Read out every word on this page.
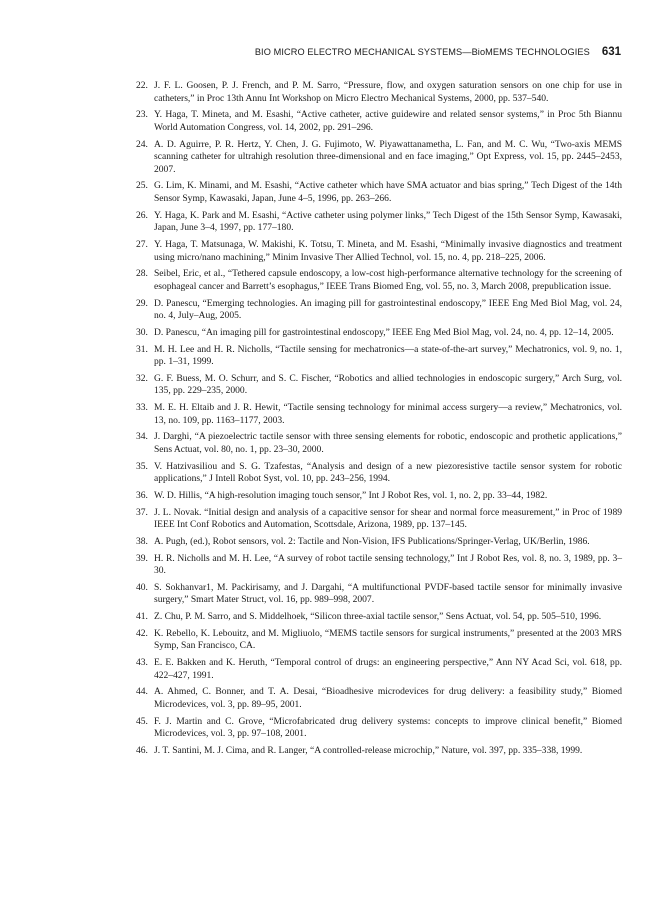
BIO MICRO ELECTRO MECHANICAL SYSTEMS—BioMEMS TECHNOLOGIES 631
22. J. F. L. Goosen, P. J. French, and P. M. Sarro, “Pressure, flow, and oxygen saturation sensors on one chip for use in catheters,” in Proc 13th Annu Int Workshop on Micro Electro Mechanical Systems, 2000, pp. 537–540.
23. Y. Haga, T. Mineta, and M. Esashi, “Active catheter, active guidewire and related sensor systems,” in Proc 5th Biannu World Automation Congress, vol. 14, 2002, pp. 291–296.
24. A. D. Aguirre, P. R. Hertz, Y. Chen, J. G. Fujimoto, W. Piyawattanametha, L. Fan, and M. C. Wu, “Two-axis MEMS scanning catheter for ultrahigh resolution three-dimensional and en face imaging,” Opt Express, vol. 15, pp. 2445–2453, 2007.
25. G. Lim, K. Minami, and M. Esashi, “Active catheter which have SMA actuator and bias spring,” Tech Digest of the 14th Sensor Symp, Kawasaki, Japan, June 4–5, 1996, pp. 263–266.
26. Y. Haga, K. Park and M. Esashi, “Active catheter using polymer links,” Tech Digest of the 15th Sensor Symp, Kawasaki, Japan, June 3–4, 1997, pp. 177–180.
27. Y. Haga, T. Matsunaga, W. Makishi, K. Totsu, T. Mineta, and M. Esashi, “Minimally invasive diagnostics and treatment using micro/nano machining,” Minim Invasive Ther Allied Technol, vol. 15, no. 4, pp. 218–225, 2006.
28. Seibel, Eric, et al., “Tethered capsule endoscopy, a low-cost high-performance alternative technology for the screening of esophageal cancer and Barrett’s esophagus,” IEEE Trans Biomed Eng, vol. 55, no. 3, March 2008, prepublication issue.
29. D. Panescu, “Emerging technologies. An imaging pill for gastrointestinal endoscopy,” IEEE Eng Med Biol Mag, vol. 24, no. 4, July–Aug, 2005.
30. D. Panescu, “An imaging pill for gastrointestinal endoscopy,” IEEE Eng Med Biol Mag, vol. 24, no. 4, pp. 12–14, 2005.
31. M. H. Lee and H. R. Nicholls, “Tactile sensing for mechatronics—a state-of-the-art survey,” Mechatronics, vol. 9, no. 1, pp. 1–31, 1999.
32. G. F. Buess, M. O. Schurr, and S. C. Fischer, “Robotics and allied technologies in endoscopic surgery,” Arch Surg, vol. 135, pp. 229–235, 2000.
33. M. E. H. Eltaib and J. R. Hewit, “Tactile sensing technology for minimal access surgery—a review,” Mechatronics, vol. 13, no. 109, pp. 1163–1177, 2003.
34. J. Darghi, “A piezoelectric tactile sensor with three sensing elements for robotic, endoscopic and prothetic applications,” Sens Actuat, vol. 80, no. 1, pp. 23–30, 2000.
35. V. Hatzivasiliou and S. G. Tzafestas, “Analysis and design of a new piezoresistive tactile sensor system for robotic applications,” J Intell Robot Syst, vol. 10, pp. 243–256, 1994.
36. W. D. Hillis, “A high-resolution imaging touch sensor,” Int J Robot Res, vol. 1, no. 2, pp. 33–44, 1982.
37. J. L. Novak. “Initial design and analysis of a capacitive sensor for shear and normal force measurement,” in Proc of 1989 IEEE Int Conf Robotics and Automation, Scottsdale, Arizona, 1989, pp. 137–145.
38. A. Pugh, (ed.), Robot sensors, vol. 2: Tactile and Non-Vision, IFS Publications/Springer-Verlag, UK/Berlin, 1986.
39. H. R. Nicholls and M. H. Lee, “A survey of robot tactile sensing technology,” Int J Robot Res, vol. 8, no. 3, 1989, pp. 3–30.
40. S. Sokhanvar1, M. Packirisamy, and J. Dargahi, “A multifunctional PVDF-based tactile sensor for minimally invasive surgery,” Smart Mater Struct, vol. 16, pp. 989–998, 2007.
41. Z. Chu, P. M. Sarro, and S. Middelhoek, “Silicon three-axial tactile sensor,” Sens Actuat, vol. 54, pp. 505–510, 1996.
42. K. Rebello, K. Lebouitz, and M. Migliuolo, “MEMS tactile sensors for surgical instruments,” presented at the 2003 MRS Symp, San Francisco, CA.
43. E. E. Bakken and K. Heruth, “Temporal control of drugs: an engineering perspective,” Ann NY Acad Sci, vol. 618, pp. 422–427, 1991.
44. A. Ahmed, C. Bonner, and T. A. Desai, “Bioadhesive microdevices for drug delivery: a feasibility study,” Biomed Microdevices, vol. 3, pp. 89–95, 2001.
45. F. J. Martin and C. Grove, “Microfabricated drug delivery systems: concepts to improve clinical benefit,” Biomed Microdevices, vol. 3, pp. 97–108, 2001.
46. J. T. Santini, M. J. Cima, and R. Langer, “A controlled-release microchip,” Nature, vol. 397, pp. 335–338, 1999.
